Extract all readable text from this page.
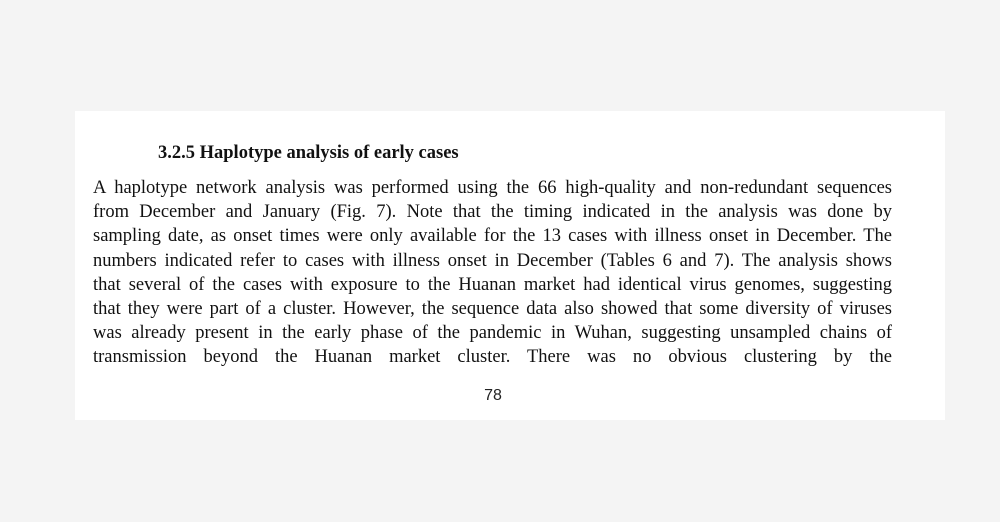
3.2.5 Haplotype analysis of early cases
A haplotype network analysis was performed using the 66 high-quality and non-redundant sequences
from December and January (Fig. 7). Note that the timing indicated in the analysis was done by
sampling date, as onset times were only available for the 13 cases with illness onset in December. The
numbers indicated refer to cases with illness onset in December (Tables 6 and 7). The analysis shows
that several of the cases with exposure to the Huanan market had identical virus genomes, suggesting
that they were part of a cluster. However, the sequence data also showed that some diversity of viruses
was already present in the early phase of the pandemic in Wuhan, suggesting unsampled chains of
transmission beyond the Huanan market cluster. There was no obvious clustering by the
78
